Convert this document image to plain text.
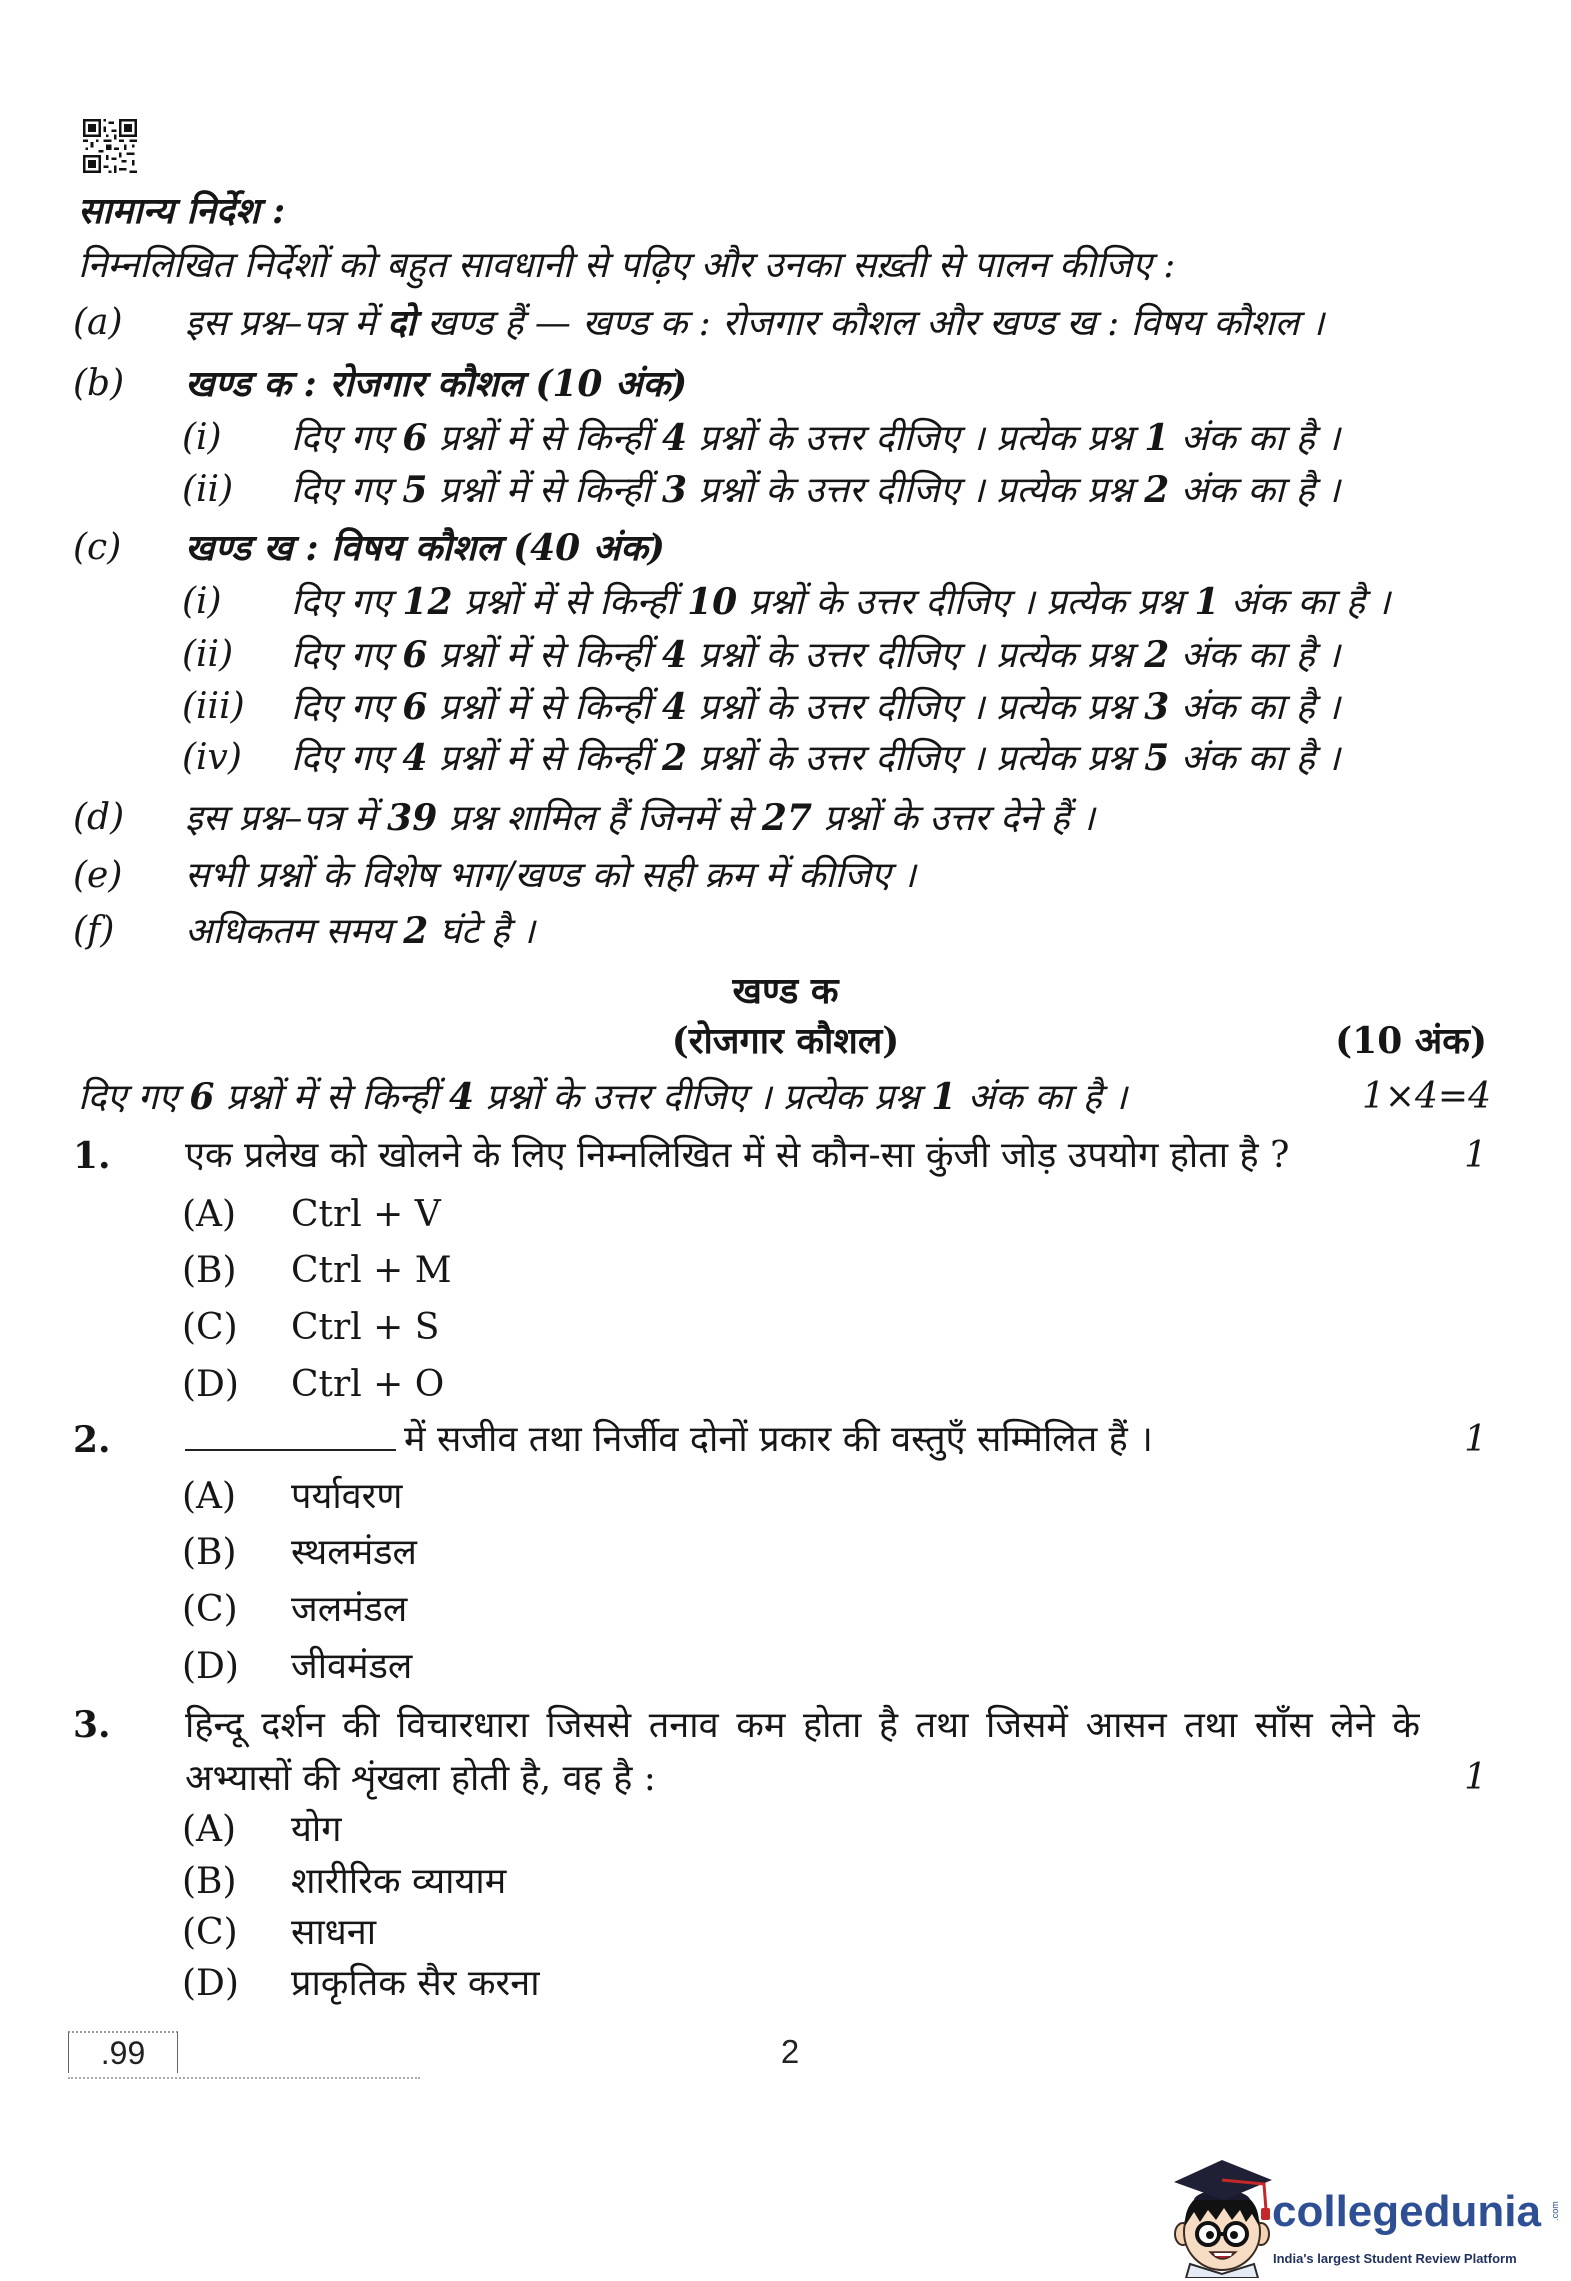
सामान्य निर्देश :
निम्नलिखित निर्देशों को बहुत सावधानी से पढ़िए और उनका सख़्ती से पालन कीजिए :
(a) इस प्रश्न–पत्र में दो खण्ड हैं — खण्ड क : रोजगार कौशल और खण्ड ख : विषय कौशल ।
(b) खण्ड क : रोजगार कौशल (10 अंक)
(i) दिए गए 6 प्रश्नों में से किन्हीं 4 प्रश्नों के उत्तर दीजिए । प्रत्येक प्रश्न 1 अंक का है ।
(ii) दिए गए 5 प्रश्नों में से किन्हीं 3 प्रश्नों के उत्तर दीजिए । प्रत्येक प्रश्न 2 अंक का है ।
(c) खण्ड ख : विषय कौशल (40 अंक)
(i) दिए गए 12 प्रश्नों में से किन्हीं 10 प्रश्नों के उत्तर दीजिए । प्रत्येक प्रश्न 1 अंक का है ।
(ii) दिए गए 6 प्रश्नों में से किन्हीं 4 प्रश्नों के उत्तर दीजिए । प्रत्येक प्रश्न 2 अंक का है ।
(iii) दिए गए 6 प्रश्नों में से किन्हीं 4 प्रश्नों के उत्तर दीजिए । प्रत्येक प्रश्न 3 अंक का है ।
(iv) दिए गए 4 प्रश्नों में से किन्हीं 2 प्रश्नों के उत्तर दीजिए । प्रत्येक प्रश्न 5 अंक का है ।
(d) इस प्रश्न–पत्र में 39 प्रश्न शामिल हैं जिनमें से 27 प्रश्नों के उत्तर देने हैं ।
(e) सभी प्रश्नों के विशेष भाग/खण्ड को सही क्रम में कीजिए ।
(f) अधिकतम समय 2 घंटे है ।
खण्ड क
(रोजगार कौशल)	(10 अंक)
दिए गए 6 प्रश्नों में से किन्हीं 4 प्रश्नों के उत्तर दीजिए । प्रत्येक प्रश्न 1 अंक का है ।	1×4=4
1. एक प्रलेख को खोलने के लिए निम्नलिखित में से कौन-सा कुंजी जोड़ उपयोग होता है ?	1
(A) Ctrl + V
(B) Ctrl + M
(C) Ctrl + S
(D) Ctrl + O
2.	में सजीव तथा निर्जीव दोनों प्रकार की वस्तुएँ सम्मिलित हैं ।	1
(A) पर्यावरण
(B) स्थलमंडल
(C) जलमंडल
(D) जीवमंडल
3. हिन्दू दर्शन की विचारधारा जिससे तनाव कम होता है तथा जिसमें आसन तथा साँस लेने के अभ्यासों की शृंखला होती है, वह है :	1
(A) योग
(B) शारीरिक व्यायाम
(C) साधना
(D) प्राकृतिक सैर करना
.99	2
collegedunia .com
India's largest Student Review Platform
